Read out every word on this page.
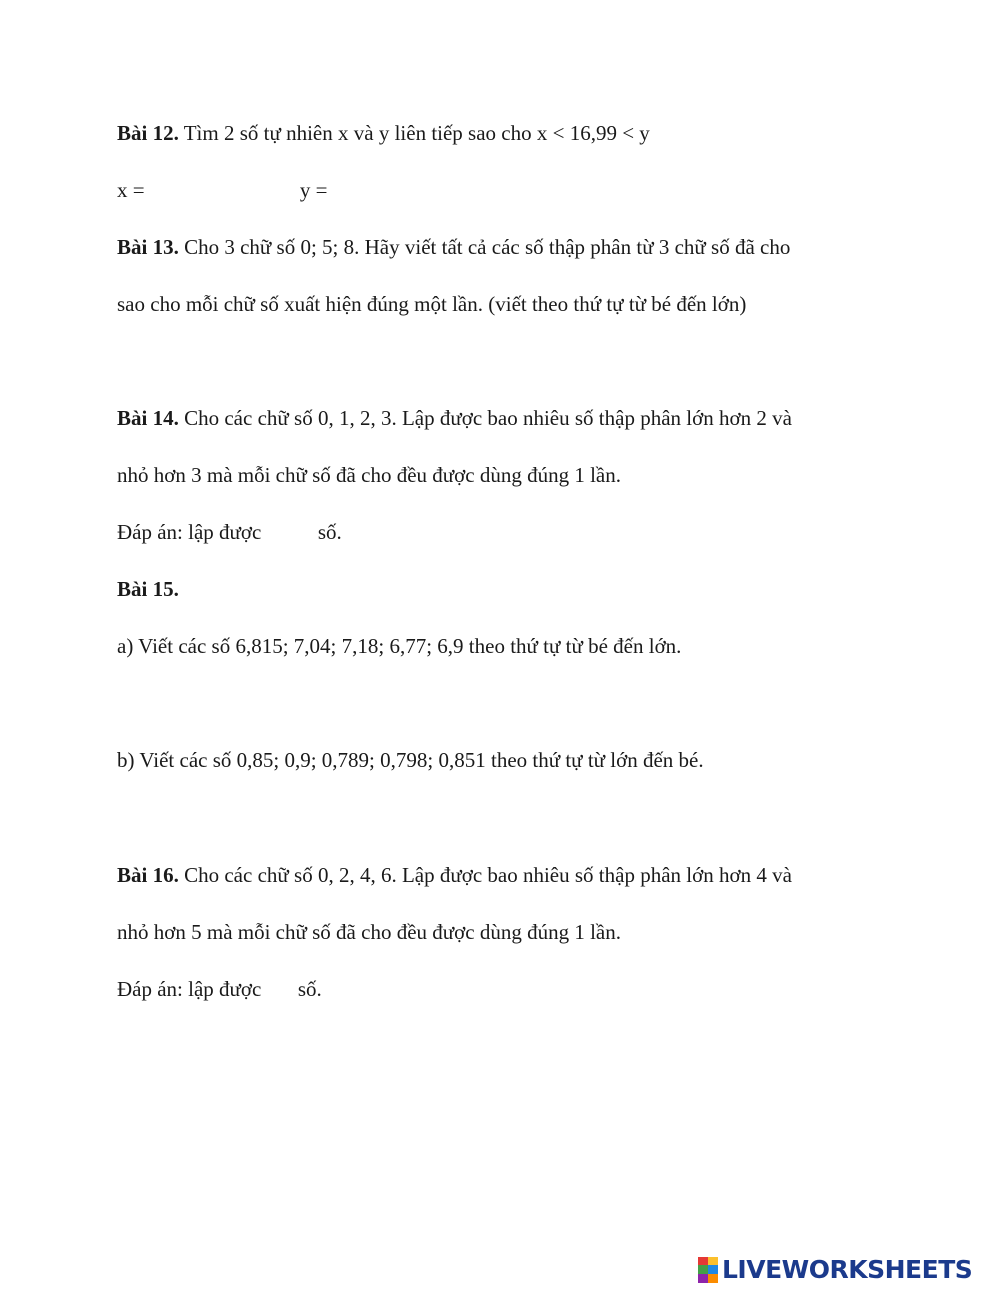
Bài 12. Tìm 2 số tự nhiên x và y liên tiếp sao cho x < 16,99 < y
x =	y =
Bài 13. Cho 3 chữ số 0; 5; 8. Hãy viết tất cả các số thập phân từ 3 chữ số đã cho
sao cho mỗi chữ số xuất hiện đúng một lần. (viết theo thứ tự từ bé đến lớn)
Bài 14. Cho các chữ số 0, 1, 2, 3. Lập được bao nhiêu số thập phân lớn hơn 2 và
nhỏ hơn 3 mà mỗi chữ số đã cho đều được dùng đúng 1 lần.
Đáp án: lập được  số.
Bài 15.
a) Viết các số 6,815; 7,04; 7,18; 6,77; 6,9 theo thứ tự từ bé đến lớn.
b) Viết các số 0,85; 0,9; 0,789; 0,798; 0,851 theo thứ tự từ lớn đến bé.
Bài 16. Cho các chữ số 0, 2, 4, 6. Lập được bao nhiêu số thập phân lớn hơn 4 và
nhỏ hơn 5 mà mỗi chữ số đã cho đều được dùng đúng 1 lần.
Đáp án: lập được  số.
LIVEWORKSHEETS
